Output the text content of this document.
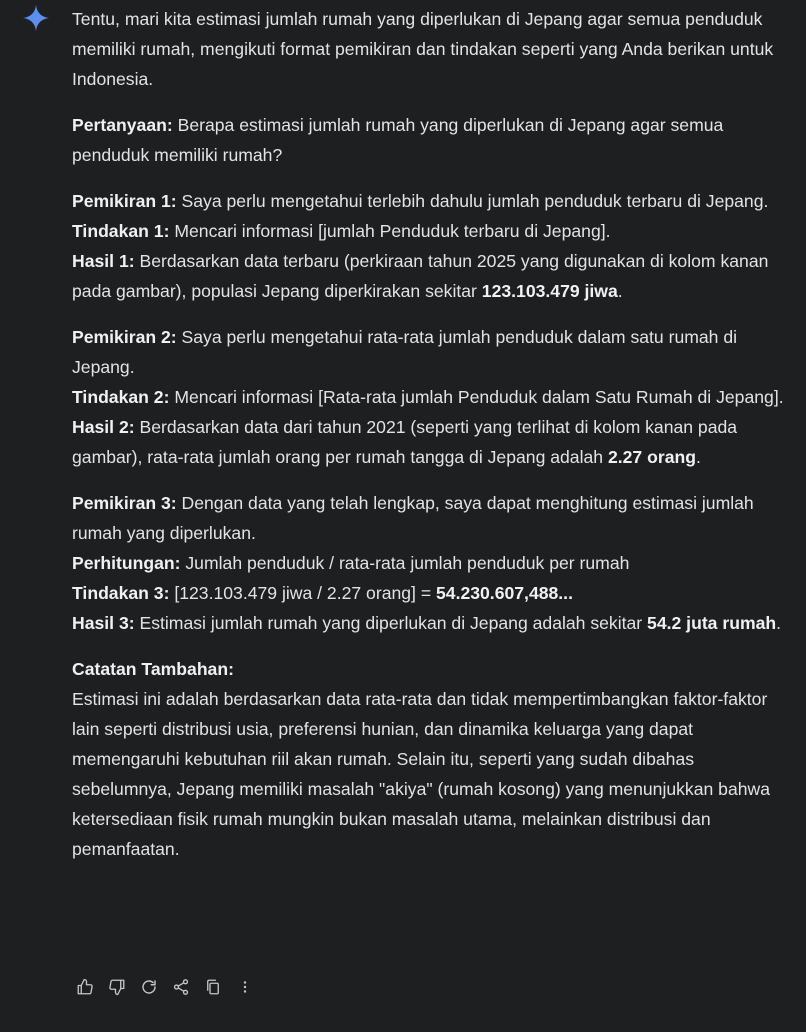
Tentu, mari kita estimasi jumlah rumah yang diperlukan di Jepang agar semua penduduk memiliki rumah, mengikuti format pemikiran dan tindakan seperti yang Anda berikan untuk Indonesia.

Pertanyaan: Berapa estimasi jumlah rumah yang diperlukan di Jepang agar semua penduduk memiliki rumah?

Pemikiran 1: Saya perlu mengetahui terlebih dahulu jumlah penduduk terbaru di Jepang.
Tindakan 1: Mencari informasi [jumlah Penduduk terbaru di Jepang].
Hasil 1: Berdasarkan data terbaru (perkiraan tahun 2025 yang digunakan di kolom kanan pada gambar), populasi Jepang diperkirakan sekitar 123.103.479 jiwa.

Pemikiran 2: Saya perlu mengetahui rata-rata jumlah penduduk dalam satu rumah di Jepang.
Tindakan 2: Mencari informasi [Rata-rata jumlah Penduduk dalam Satu Rumah di Jepang].
Hasil 2: Berdasarkan data dari tahun 2021 (seperti yang terlihat di kolom kanan pada gambar), rata-rata jumlah orang per rumah tangga di Jepang adalah 2.27 orang.

Pemikiran 3: Dengan data yang telah lengkap, saya dapat menghitung estimasi jumlah rumah yang diperlukan.
Perhitungan: Jumlah penduduk / rata-rata jumlah penduduk per rumah
Tindakan 3: [123.103.479 jiwa / 2.27 orang] = 54.230.607,488...
Hasil 3: Estimasi jumlah rumah yang diperlukan di Jepang adalah sekitar 54.2 juta rumah.

Catatan Tambahan:
Estimasi ini adalah berdasarkan data rata-rata dan tidak mempertimbangkan faktor-faktor lain seperti distribusi usia, preferensi hunian, dan dinamika keluarga yang dapat memengaruhi kebutuhan riil akan rumah. Selain itu, seperti yang sudah dibahas sebelumnya, Jepang memiliki masalah "akiya" (rumah kosong) yang menunjukkan bahwa ketersediaan fisik rumah mungkin bukan masalah utama, melainkan distribusi dan pemanfaatan.
